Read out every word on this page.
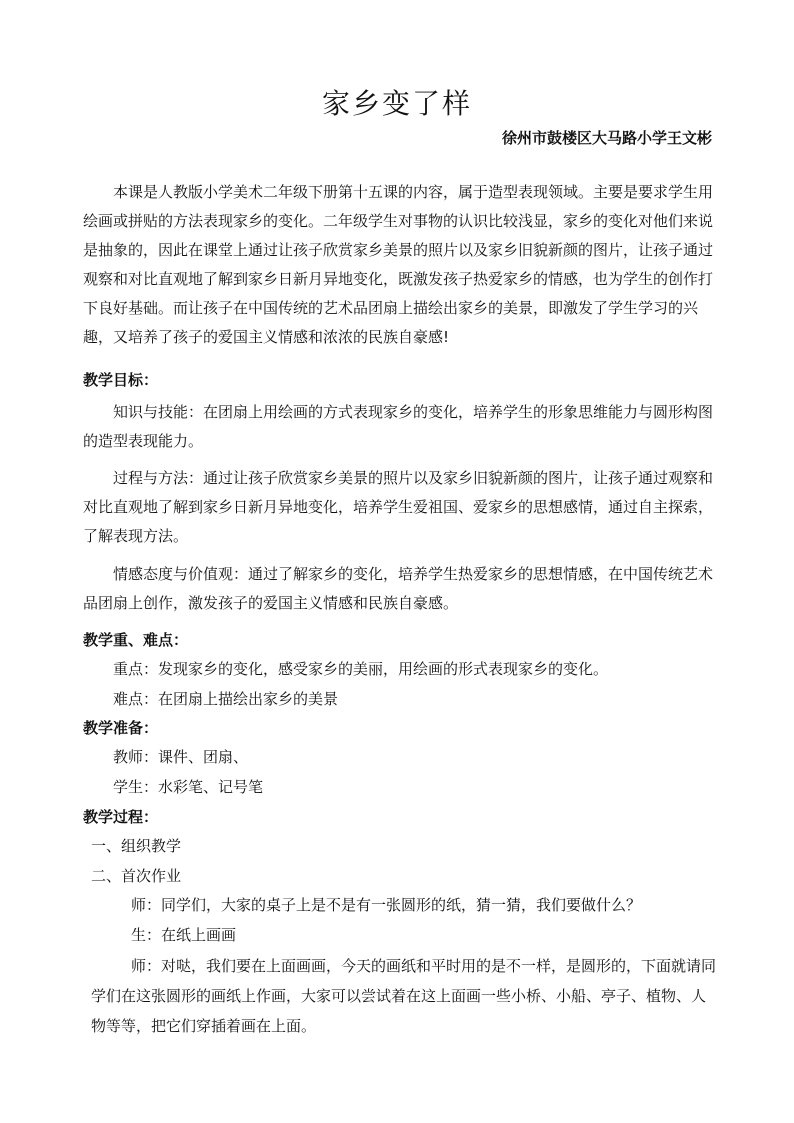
家乡变了样
徐州市鼓楼区大马路小学王文彬

本课是人教版小学美术二年级下册第十五课的内容，属于造型表现领域。主要是要求学生用绘画或拼贴的方法表现家乡的变化。二年级学生对事物的认识比较浅显，家乡的变化对他们来说是抽象的，因此在课堂上通过让孩子欣赏家乡美景的照片以及家乡旧貌新颜的图片，让孩子通过观察和对比直观地了解到家乡日新月异地变化，既激发孩子热爱家乡的情感，也为学生的创作打下良好基础。而让孩子在中国传统的艺术品团扇上描绘出家乡的美景，即激发了学生学习的兴趣，又培养了孩子的爱国主义情感和浓浓的民族自豪感!

教学目标：

知识与技能：在团扇上用绘画的方式表现家乡的变化，培养学生的形象思维能力与圆形构图的造型表现能力。

过程与方法：通过让孩子欣赏家乡美景的照片以及家乡旧貌新颜的图片，让孩子通过观察和对比直观地了解到家乡日新月异地变化，培养学生爱祖国、爱家乡的思想感情，通过自主探索，了解表现方法。

情感态度与价值观：通过了解家乡的变化，培养学生热爱家乡的思想情感，在中国传统艺术品团扇上创作，激发孩子的爱国主义情感和民族自豪感。

教学重、难点：

重点：发现家乡的变化，感受家乡的美丽，用绘画的形式表现家乡的变化。

难点：在团扇上描绘出家乡的美景

教学准备：

教师：课件、团扇、

学生：水彩笔、记号笔

教学过程：

一、组织教学

二、首次作业

师：同学们，大家的桌子上是不是有一张圆形的纸，猜一猜，我们要做什么？

生：在纸上画画

师：对哒，我们要在上面画画，今天的画纸和平时用的是不一样，是圆形的，下面就请同学们在这张圆形的画纸上作画，大家可以尝试着在这上面画一些小桥、小船、亭子、植物、人物等等，把它们穿插着画在上面。
